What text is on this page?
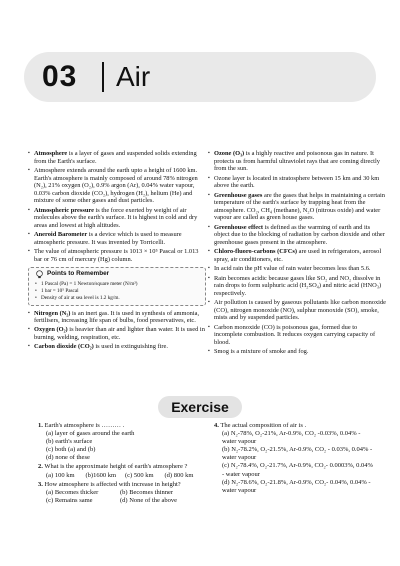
03 Air
▪ Atmosphere is a layer of gases and suspended solids extending from the Earth's surface.
▪ Atmosphere extends around the earth upto a height of 1600 km. Earth's atmosphere is mainly composed of around 78% nitrogen (N₂), 21% oxygen (O₂), 0.9% argon (Ar), 0.04% water vapour, 0.03% carbon dioxide (CO₂), hydrogen (H₂), helium (He) and mixture of some other gases and dust particles.
▪ Atmospheric pressure is the force exerted by weight of air molecules above the earth's surface. It is highest in cold and dry areas and lowest at high altitudes.
▪ Aneroid Barometer is a device which is used to measure atmospheric pressure. It was invented by Torricelli.
▪ The value of atmospheric pressure is 1013 × 10⁵ Pascal or 1.013 bar or 76 cm of mercury (Hg) column.
Points to Remember
• 1 Pascal (Pa) = 1 Newton/square meter (N/m²)
• 1 bar = 10⁵ Pascal
• Density of air at sea level is 1.2 kg/m.
▪ Nitrogen (N₂) is an inert gas. It is used in synthesis of ammonia, fertilisers, increasing life span of bulbs, food preservatives, etc.
▪ Oxygen (O₂) is heavier than air and lighter than water. It is used in burning, welding, respiration, etc.
▪ Carbon dioxide (CO₂) is used in extinguishing fire.
▪ Ozone (O₃) is a highly reactive and poisonous gas in nature. It protects us from harmful ultraviolet rays that are coming directly from the sun.
▪ Ozone layer is located in stratosphere between 15 km and 30 km above the earth.
▪ Greenhouse gases are the gases that helps in maintaining a certain temperature of the earth's surface by trapping heat from the atmosphere. CO₂, CH₄ (methane), N₂O (nitrous oxide) and water vapour are called as green house gases.
▪ Greenhouse effect is defined as the warming of earth and its object due to the blocking of radiation by carbon dioxide and other greenhouse gases present in the atmosphere.
▪ Chloro-fluoro-carbons (CFCs) are used in refrigerators, aerosol spray, air conditioners, etc.
▪ In acid rain the pH value of rain water becomes less than 5.6.
▪ Rain becomes acidic because gases like SO₂ and NO₂ dissolve in rain drops to form sulphuric acid (H₂SO₄) and nitric acid (HNO₃) respectively.
▪ Air pollution is caused by gaseous pollutants like carbon monoxide (CO), nitrogen monoxide (NO), sulphur monoxide (SO), smoke, mists and by suspended particles.
▪ Carbon monoxide (CO) is poisonous gas, formed due to incomplete combustion. It reduces oxygen carrying capacity of blood.
▪ Smog is a mixture of smoke and fog.
Exercise
1. Earth's atmosphere is ……… .
(a) layer of gases around the earth
(b) earth's surface
(c) both (a) and (b)
(d) none of these
2. What is the approximate height of earth's atmosphere ?
(a) 100 km	(b)1600 km	(c) 500 km	(d) 800 km
3. How atmosphere is affected with increase in height?
(a) Becomes thicker	(b) Becomes thinner
(c) Remains same	(d) None of the above
4. The actual composition of air is .
(a) N₂-78%, O₂-21%, Ar-0.9%, CO₂ -0.03%, 0.04% - water vapour
(b) N₂-78.2%, O₂-21.5%, Ar-0.9%, CO₂ - 0.03%, 0.04% - water vapour
(c) N₂-78.4%, O₂-21.7%, Ar-0.9%, CO₂- 0.0003%, 0.04% - water vapour
(d) N₂-78.6%, O₂-21.8%, Ar-0.9%, CO₂- 0.04%, 0.04% - water vapour
